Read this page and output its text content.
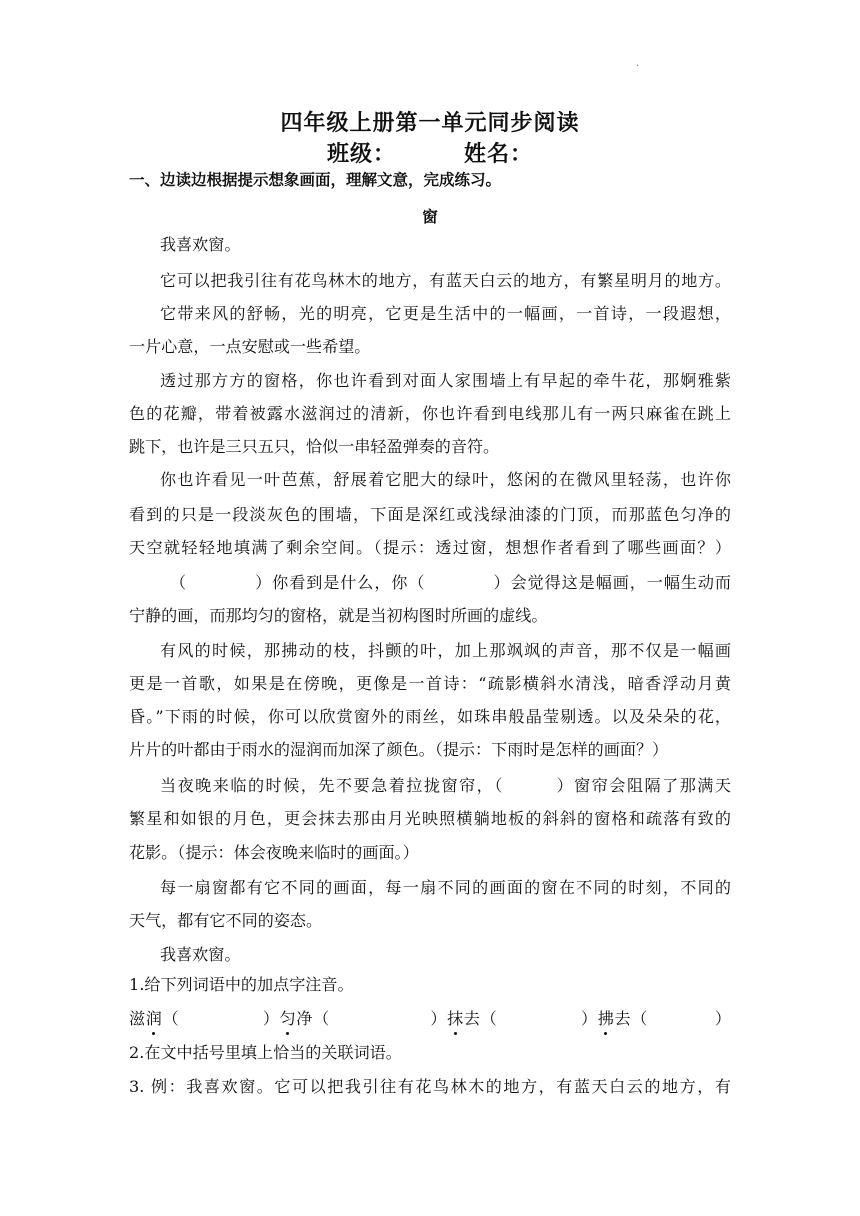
.
四年级上册第一单元同步阅读
班级：	姓名：
一、边读边根据提示想象画面，理解文意，完成练习。
窗
我喜欢窗。
它可以把我引往有花鸟林木的地方，有蓝天白云的地方，有繁星明月的地方。
它带来风的舒畅，光的明亮，它更是生活中的一幅画，一首诗，一段遐想，
一片心意，一点安慰或一些希望。
透过那方方的窗格，你也许看到对面人家围墙上有早起的牵牛花，那婀雅紫
色的花瓣，带着被露水滋润过的清新，你也许看到电线那儿有一两只麻雀在跳上
跳下，也许是三只五只，恰似一串轻盈弹奏的音符。
你也许看见一叶芭蕉，舒展着它肥大的绿叶，悠闲的在微风里轻荡，也许你
看到的只是一段淡灰色的围墙，下面是深红或浅绿油漆的门顶，而那蓝色匀净的
天空就轻轻地填满了剩余空间。（提示：透过窗，想想作者看到了哪些画面？）
（　　　　）你看到是什么，你（　　　　）会觉得这是幅画，一幅生动而
宁静的画，而那均匀的窗格，就是当初构图时所画的虚线。
有风的时候，那拂动的枝，抖颤的叶，加上那飒飒的声音，那不仅是一幅画
更是一首歌，如果是在傍晚，更像是一首诗：“疏影横斜水清浅，暗香浮动月黄
昏。”下雨的时候，你可以欣赏窗外的雨丝，如珠串般晶莹剔透。以及朵朵的花，
片片的叶都由于雨水的湿润而加深了颜色。（提示：下雨时是怎样的画面？）
当夜晚来临的时候，先不要急着拉拢窗帘，（　　　）窗帘会阻隔了那满天
繁星和如银的月色，更会抹去那由月光映照横躺地板的斜斜的窗格和疏落有致的
花影。（提示：体会夜晚来临时的画面。）
每一扇窗都有它不同的画面，每一扇不同的画面的窗在不同的时刻，不同的
天气，都有它不同的姿态。
我喜欢窗。
1.给下列词语中的加点字注音。
滋润（　　　　　）匀净（　　　　　　）抹去（　　　　　）拂去（　　　　）
2.在文中括号里填上恰当的关联词语。
3. 例：我喜欢窗。它可以把我引往有花鸟林木的地方，有蓝天白云的地方，有
